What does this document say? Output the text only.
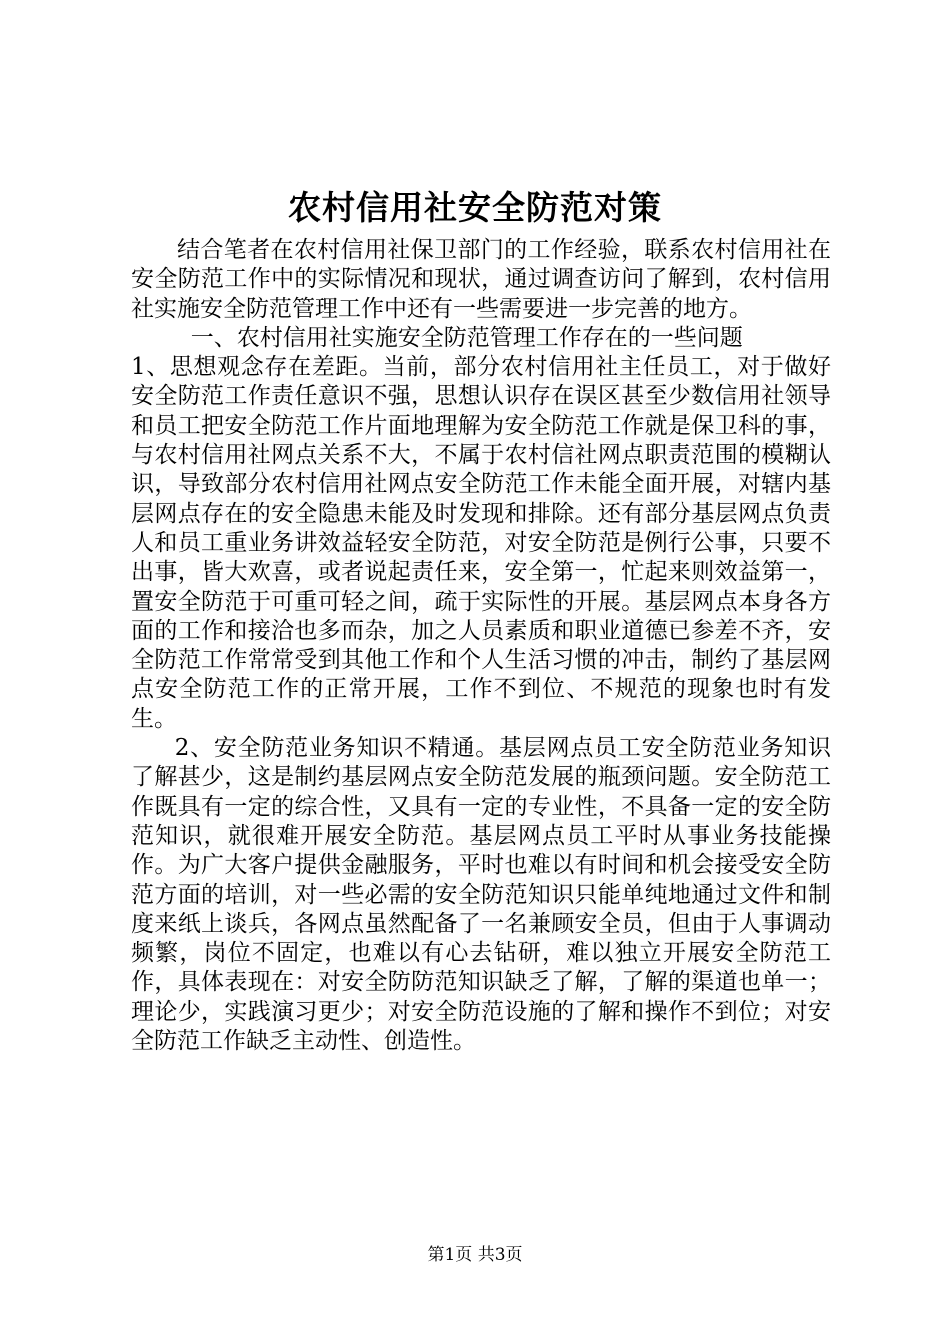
农村信用社安全防范对策

结合笔者在农村信用社保卫部门的工作经验，联系农村信用社在安全防范工作中的实际情况和现状，通过调查访问了解到，农村信用社实施安全防范管理工作中还有一些需要进一步完善的地方。

一、农村信用社实施安全防范管理工作存在的一些问题

1、思想观念存在差距。当前，部分农村信用社主任员工，对于做好安全防范工作责任意识不强，思想认识存在误区甚至少数信用社领导和员工把安全防范工作片面地理解为安全防范工作就是保卫科的事，与农村信用社网点关系不大，不属于农村信社网点职责范围的模糊认识，导致部分农村信用社网点安全防范工作未能全面开展，对辖内基层网点存在的安全隐患未能及时发现和排除。还有部分基层网点负责人和员工重业务讲效益轻安全防范，对安全防范是例行公事，只要不出事，皆大欢喜，或者说起责任来，安全第一，忙起来则效益第一，置安全防范于可重可轻之间，疏于实际性的开展。基层网点本身各方面的工作和接洽也多而杂，加之人员素质和职业道德已参差不齐，安全防范工作常常受到其他工作和个人生活习惯的冲击，制约了基层网点安全防范工作的正常开展，工作不到位、不规范的现象也时有发生。

2、安全防范业务知识不精通。基层网点员工安全防范业务知识了解甚少，这是制约基层网点安全防范发展的瓶颈问题。安全防范工作既具有一定的综合性，又具有一定的专业性，不具备一定的安全防范知识，就很难开展安全防范。基层网点员工平时从事业务技能操作。为广大客户提供金融服务，平时也难以有时间和机会接受安全防范方面的培训，对一些必需的安全防范知识只能单纯地通过文件和制度来纸上谈兵，各网点虽然配备了一名兼顾安全员，但由于人事调动频繁，岗位不固定，也难以有心去钻研，难以独立开展安全防范工作，具体表现在：对安全防防范知识缺乏了解，了解的渠道也单一；理论少，实践演习更少；对安全防范设施的了解和操作不到位；对安全防范工作缺乏主动性、创造性。

第1页 共3页
